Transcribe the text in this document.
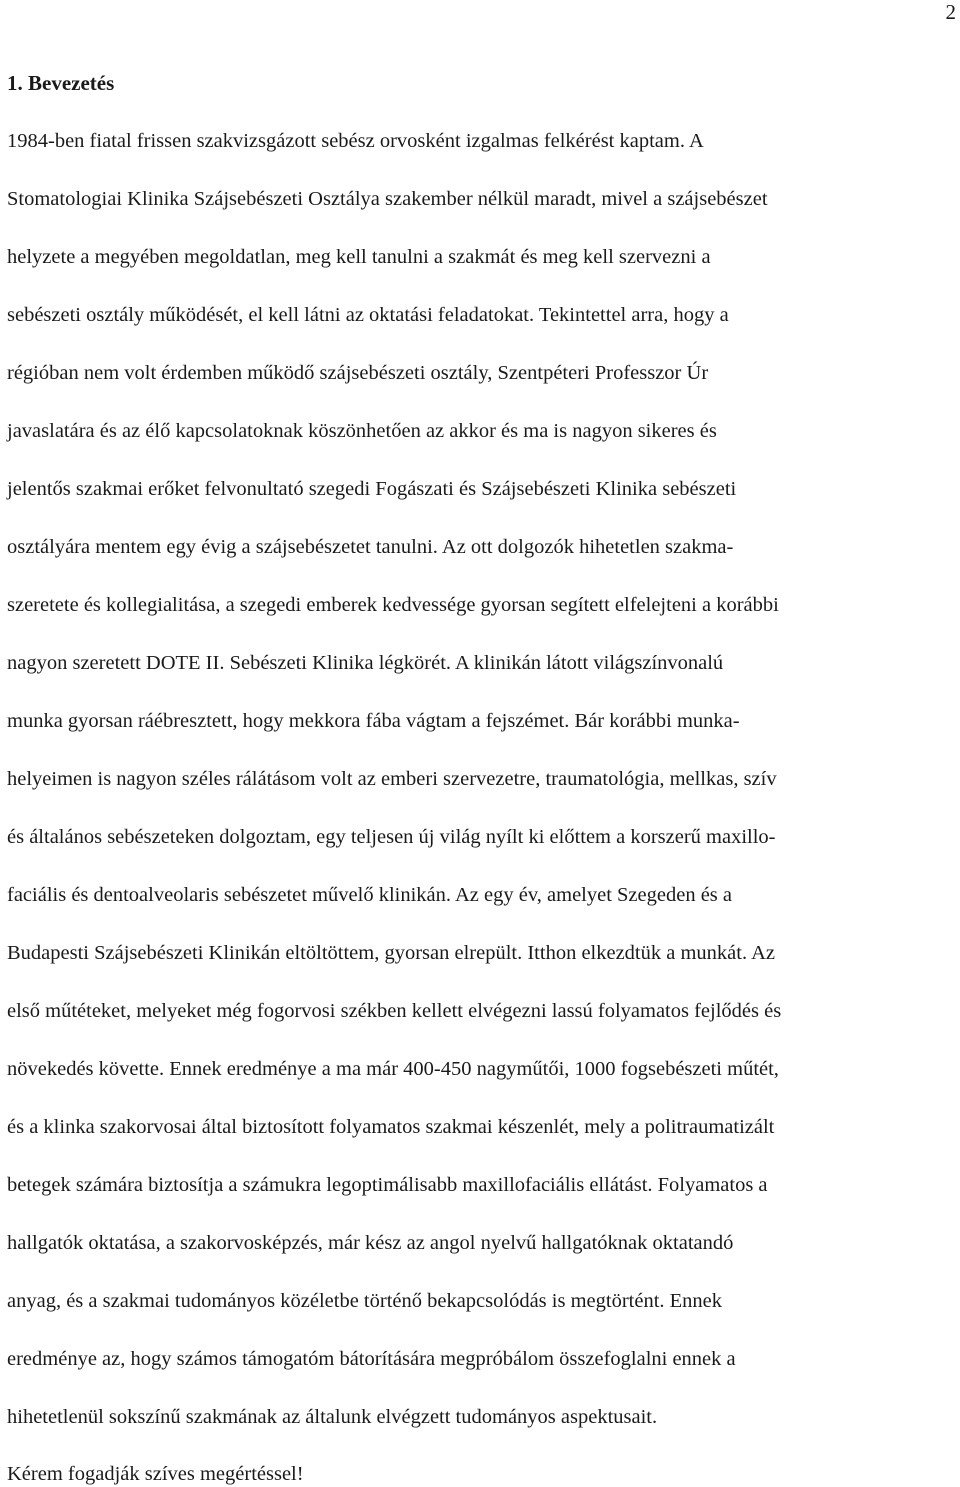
2
1. Bevezetés

1984-ben fiatal frissen szakvizsgázott sebész orvosként izgalmas felkérést kaptam. A

Stomatologiai Klinika Szájsebészeti Osztálya szakember nélkül maradt, mivel a szájsebészet

helyzete a megyében megoldatlan, meg kell tanulni a szakmát és meg kell szervezni a

sebészeti osztály működését, el kell látni az oktatási feladatokat. Tekintettel arra, hogy a

régióban nem volt érdemben működő szájsebészeti osztály, Szentpéteri Professzor Úr

javaslatára és az élő kapcsolatoknak köszönhetően az akkor és ma is nagyon sikeres és

jelentős szakmai erőket felvonultató szegedi Fogászati és Szájsebészeti Klinika sebészeti

osztályára mentem egy évig a szájsebészetet tanulni. Az ott dolgozók hihetetlen szakma-

szeretete és kollegialitása, a szegedi emberek kedvessége gyorsan segített elfelejteni a korábbi

nagyon szeretett DOTE II. Sebészeti Klinika légkörét. A klinikán látott világszínvonalú

munka gyorsan ráébresztett, hogy mekkora fába vágtam a fejszémet. Bár korábbi munka-

helyeimen is nagyon széles rálátásom volt az emberi szervezetre, traumatológia, mellkas, szív

és általános sebészeteken dolgoztam, egy teljesen új világ nyílt ki előttem a korszerű maxillo-

faciális és dentoalveolaris sebészetet művelő klinikán. Az egy év, amelyet Szegeden és a

Budapesti Szájsebészeti Klinikán eltöltöttem, gyorsan elrepült. Itthon elkezdtük a munkát. Az

első műtéteket, melyeket még fogorvosi székben kellett elvégezni lassú folyamatos fejlődés és

növekedés követte. Ennek eredménye a ma már 400-450 nagyműtői, 1000 fogsebészeti műtét,

és a klinka szakorvosai által biztosított folyamatos szakmai készenlét, mely a politraumatizált

betegek számára biztosítja a számukra legoptimálisabb maxillofaciális ellátást. Folyamatos a

hallgatók oktatása, a szakorvosképzés, már kész az angol nyelvű hallgatóknak oktatandó

anyag, és a szakmai tudományos közéletbe történő bekapcsolódás is megtörtént. Ennek

eredménye az, hogy számos támogatóm bátorítására megpróbálom összefoglalni ennek a

hihetetlenül sokszínű szakmának az általunk elvégzett tudományos aspektusait.

Kérem fogadják szíves megértéssel!
